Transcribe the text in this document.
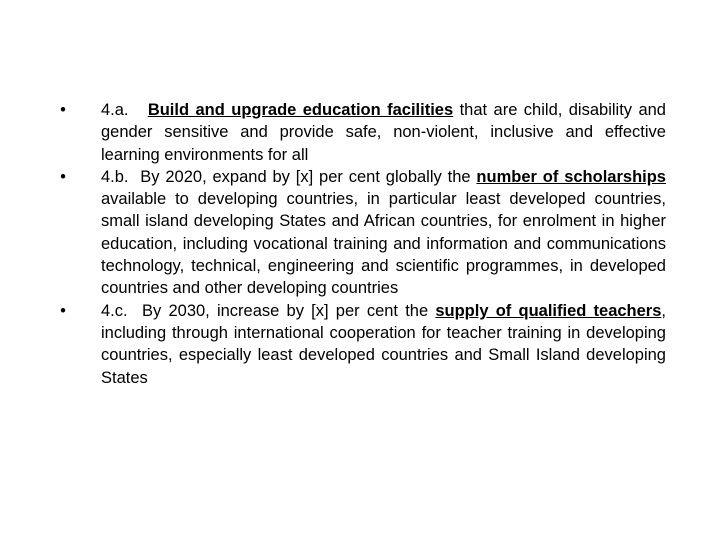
• 4.a. Build and upgrade education facilities that are child, disability and gender sensitive and provide safe, non-violent, inclusive and effective learning environments for all
• 4.b. By 2020, expand by [x] per cent globally the number of scholarships available to developing countries, in particular least developed countries, small island developing States and African countries, for enrolment in higher education, including vocational training and information and communications technology, technical, engineering and scientific programmes, in developed countries and other developing countries
• 4.c. By 2030, increase by [x] per cent the supply of qualified teachers, including through international cooperation for teacher training in developing countries, especially least developed countries and Small Island developing States
